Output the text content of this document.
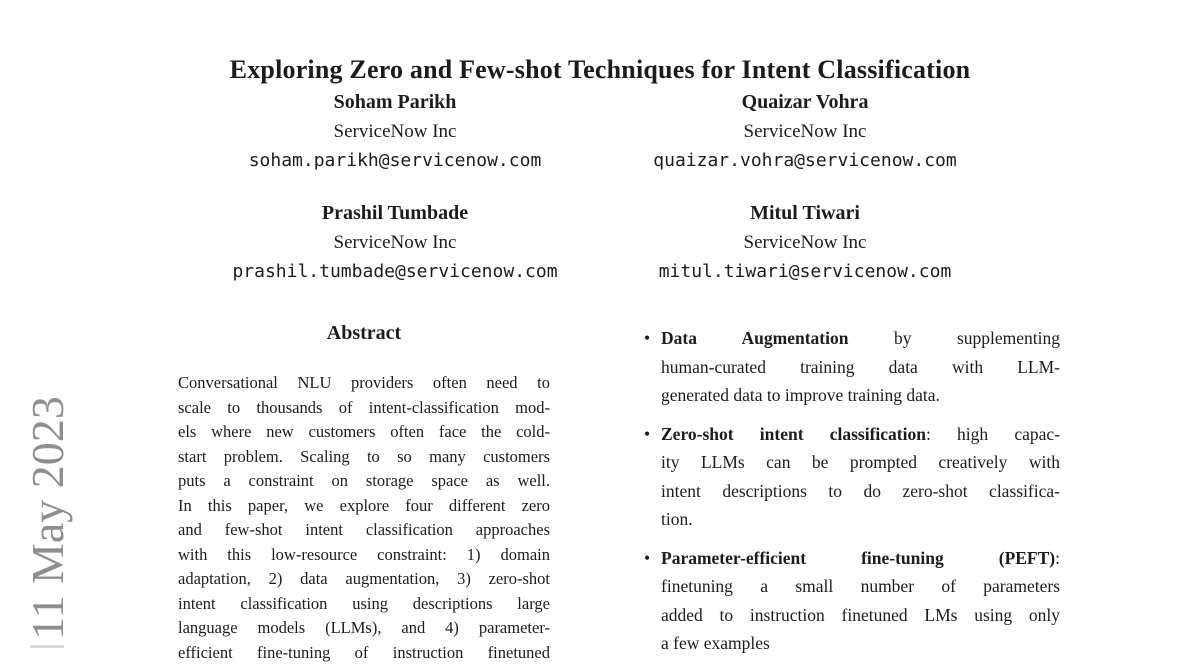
11 May 2023
Exploring Zero and Few-shot Techniques for Intent Classification
Soham Parikh
ServiceNow Inc
soham.parikh@servicenow.com
Quaizar Vohra
ServiceNow Inc
quaizar.vohra@servicenow.com
Prashil Tumbade
ServiceNow Inc
prashil.tumbade@servicenow.com
Mitul Tiwari
ServiceNow Inc
mitul.tiwari@servicenow.com
Abstract
Conversational NLU providers often need to
scale to thousands of intent-classification mod-
els where new customers often face the cold-
start problem. Scaling to so many customers
puts a constraint on storage space as well.
In this paper, we explore four different zero
and few-shot intent classification approaches
with this low-resource constraint: 1) domain
adaptation, 2) data augmentation, 3) zero-shot
intent classification using descriptions large
language models (LLMs), and 4) parameter-
efficient fine-tuning of instruction finetuned
• Data Augmentation by supplementing
human-curated training data with LLM-
generated data to improve training data.
• Zero-shot intent classification: high capac-
ity LLMs can be prompted creatively with
intent descriptions to do zero-shot classifica-
tion.
• Parameter-efficient fine-tuning (PEFT):
finetuning a small number of parameters
added to instruction finetuned LMs using only
a few examples
